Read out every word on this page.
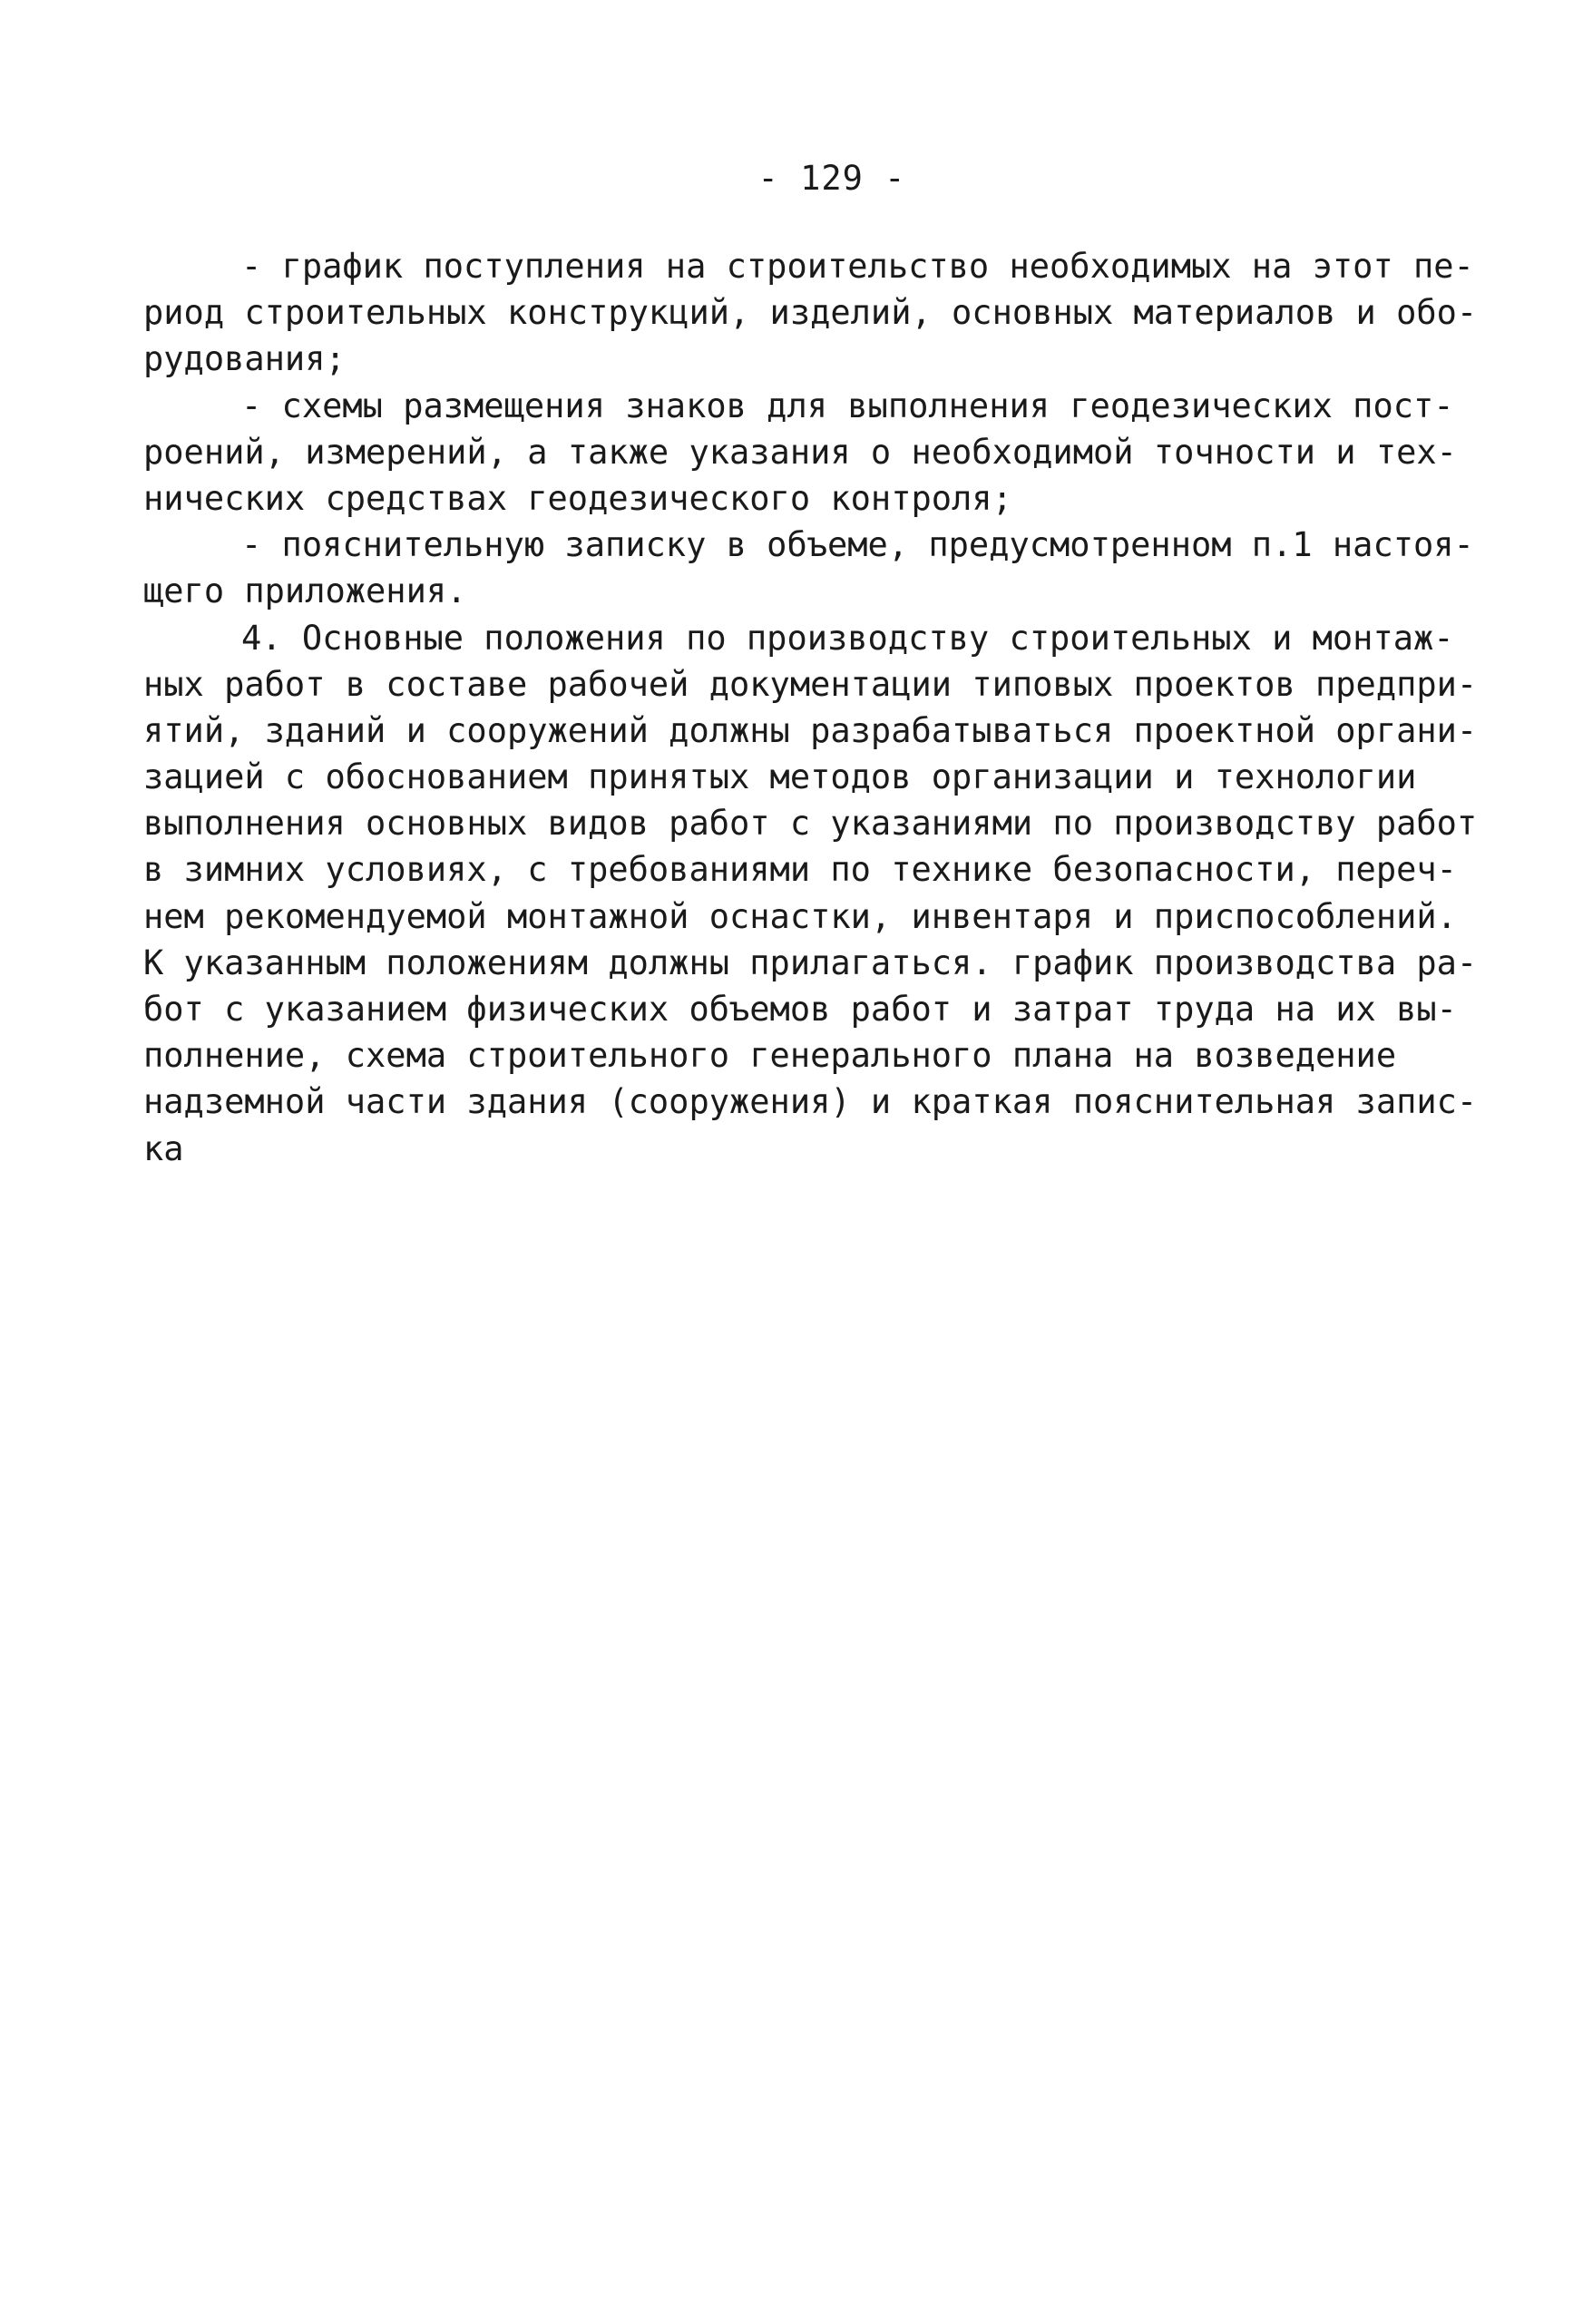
- 129 -
- график поступления на строительство необходимых на этот пе-
риод строительных конструкций, изделий, основных материалов и обо-
рудования;
- схемы размещения знаков для выполнения геодезических пост-
роений, измерений, а также указания о необходимой точности и тех-
нических средствах геодезического контроля;
- пояснительную записку в объеме, предусмотренном п.1 настоя-
щего приложения.
4. Основные положения по производству строительных и монтаж-
ных работ в составе рабочей документации типовых проектов предпри-
ятий, зданий и сооружений должны разрабатываться проектной органи-
зацией с обоснованием принятых методов организации и технологии
выполнения основных видов работ с указаниями по производству работ
в зимних условиях, с требованиями по технике безопасности, переч-
нем рекомендуемой монтажной оснастки, инвентаря и приспособлений.
К указанным положениям должны прилагаться. график производства ра-
бот с указанием физических объемов работ и затрат труда на их вы-
полнение, схема строительного генерального плана на возведение
надземной части здания (сооружения) и краткая пояснительная запис-
ка
